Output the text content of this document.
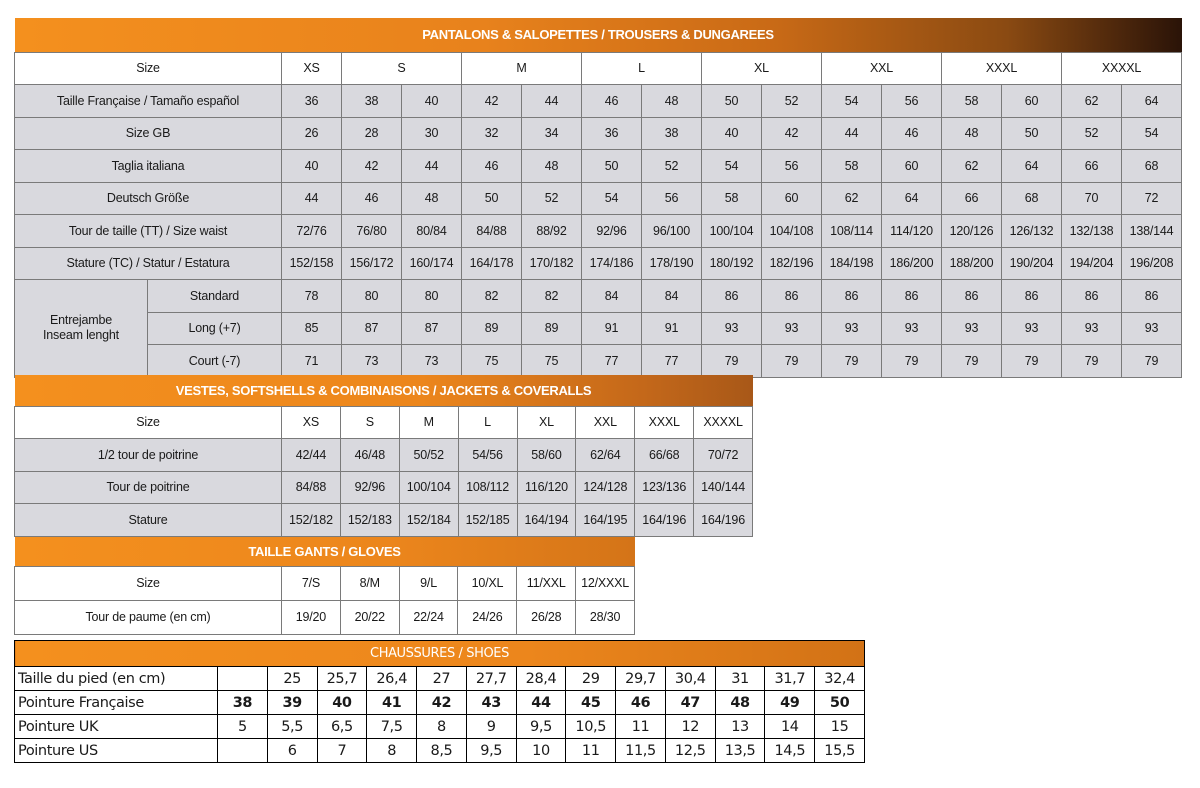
PANTALONS & SALOPETTES / TROUSERS & DUNGAREES																
Size		XS	S		M		L		XL		XXL		XXXL		XXXXL	
Taille Française / Tamaño español		36	38	40	42	44	46	48	50	52	54	56	58	60	62	64
Size GB		26	28	30	32	34	36	38	40	42	44	46	48	50	52	54
Taglia italiana		40	42	44	46	48	50	52	54	56	58	60	62	64	66	68
Deutsch Größe		44	46	48	50	52	54	56	58	60	62	64	66	68	70	72
Tour de taille (TT) / Size waist		72/76	76/80	80/84	84/88	88/92	92/96	96/100	100/104	104/108	108/114	114/120	120/126	126/132	132/138	138/144
Stature (TC) / Statur / Estatura		152/158	156/172	160/174	164/178	170/182	174/186	178/190	180/192	182/196	184/198	186/200	188/200	190/204	194/204	196/208
Entrejambe Inseam lenght	Standard	78	80	80	82	82	84	84	86	86	86	86	86	86	86	86
	Long (+7)	85	87	87	89	89	91	91	93	93	93	93	93	93	93	93
	Court (-7)	71	73	73	75	75	77	77	79	79	79	79	79	79	79	79
VESTES, SOFTSHELLS & COMBINAISONS / JACKETS & COVERALLS								
Size	XS	S	M	L	XL	XXL	XXXL	XXXXL
1/2 tour de poitrine	42/44	46/48	50/52	54/56	58/60	62/64	66/68	70/72
Tour de poitrine	84/88	92/96	100/104	108/112	116/120	124/128	123/136	140/144
Stature	152/182	152/183	152/184	152/185	164/194	164/195	164/196	164/196
TAILLE GANTS / GLOVES						
Size	7/S	8/M	9/L	10/XL	11/XXL	12/XXXL
Tour de paume (en cm)	19/20	20/22	22/24	24/26	26/28	28/30
CHAUSSURES / SHOES													
Taille du pied (en cm)		25	25,7	26,4	27	27,7	28,4	29	29,7	30,4	31	31,7	32,4
Pointure Française	38	39	40	41	42	43	44	45	46	47	48	49	50
Pointure UK	5	5,5	6,5	7,5	8	9	9,5	10,5	11	12	13	14	15
Pointure US		6	7	8	8,5	9,5	10	11	11,5	12,5	13,5	14,5	15,5
